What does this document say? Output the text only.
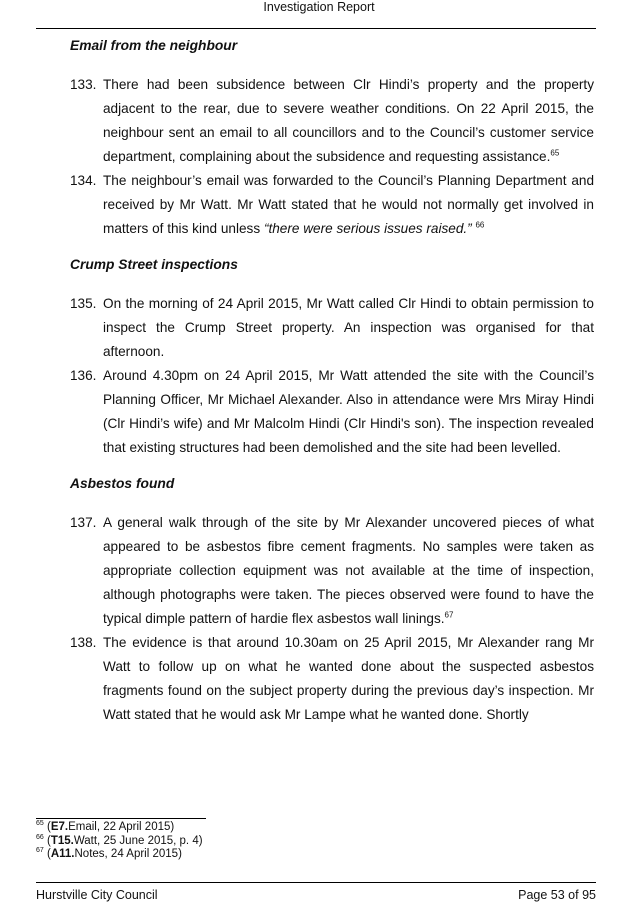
Investigation Report
Email from the neighbour
133. There had been subsidence between Clr Hindi’s property and the property adjacent to the rear, due to severe weather conditions. On 22 April 2015, the neighbour sent an email to all councillors and to the Council’s customer service department, complaining about the subsidence and requesting assistance.$^{65}$
134. The neighbour’s email was forwarded to the Council’s Planning Department and received by Mr Watt. Mr Watt stated that he would not normally get involved in matters of this kind unless “there were serious issues raised.” $^{66}$
Crump Street inspections
135. On the morning of 24 April 2015, Mr Watt called Clr Hindi to obtain permission to inspect the Crump Street property. An inspection was organised for that afternoon.
136. Around 4.30pm on 24 April 2015, Mr Watt attended the site with the Council’s Planning Officer, Mr Michael Alexander. Also in attendance were Mrs Miray Hindi (Clr Hindi’s wife) and Mr Malcolm Hindi (Clr Hindi's son). The inspection revealed that existing structures had been demolished and the site had been levelled.
Asbestos found
137. A general walk through of the site by Mr Alexander uncovered pieces of what appeared to be asbestos fibre cement fragments. No samples were taken as appropriate collection equipment was not available at the time of inspection, although photographs were taken. The pieces observed were found to have the typical dimple pattern of hardie flex asbestos wall linings.$^{67}$
138. The evidence is that around 10.30am on 25 April 2015, Mr Alexander rang Mr Watt to follow up on what he wanted done about the suspected asbestos fragments found on the subject property during the previous day’s inspection. Mr Watt stated that he would ask Mr Lampe what he wanted done. Shortly
$^{65}$ (E7.Email, 22 April 2015)
$^{66}$ (T15.Watt, 25 June 2015, p. 4)
$^{67}$ (A11.Notes, 24 April 2015)
Hurstville City Council	Page 53 of 95
